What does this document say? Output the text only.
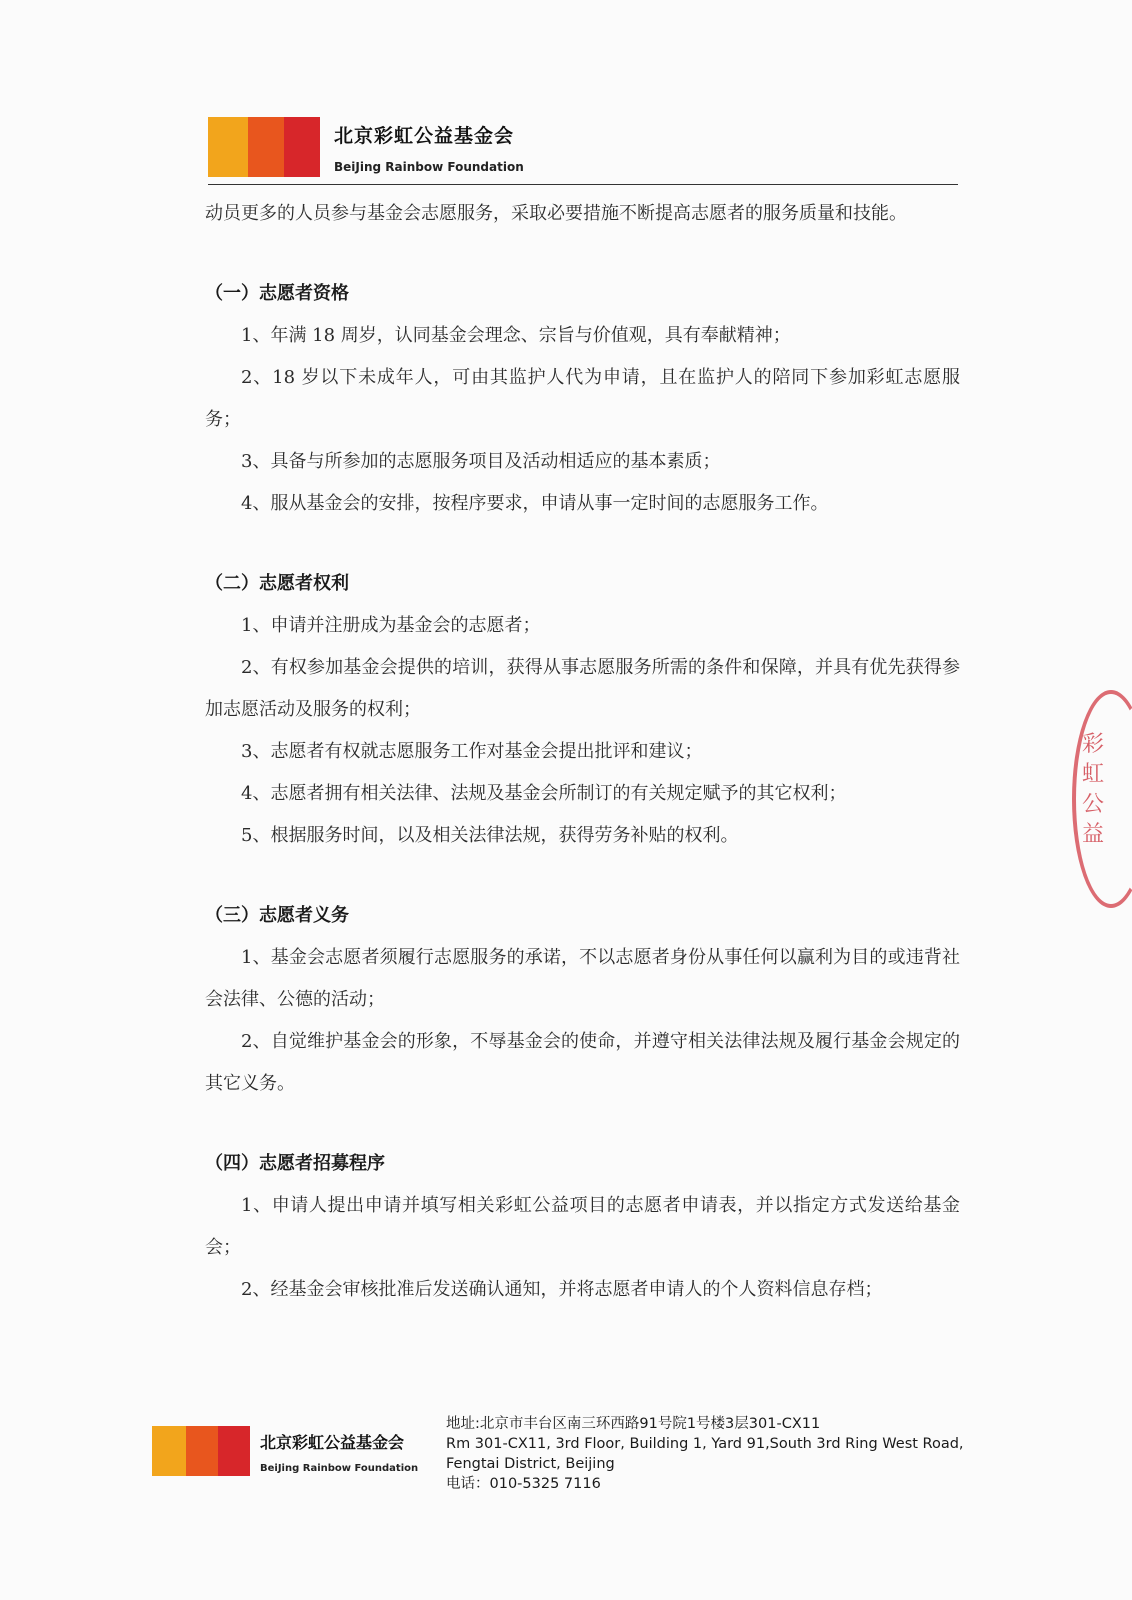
北京彩虹公益基金会
BeiJing Rainbow Foundation

动员更多的人员参与基金会志愿服务，采取必要措施不断提高志愿者的服务质量和技能。

（一）志愿者资格

1、年满 18 周岁，认同基金会理念、宗旨与价值观，具有奉献精神；

2、18 岁以下未成年人，可由其监护人代为申请，且在监护人的陪同下参加彩虹志愿服务；

3、具备与所参加的志愿服务项目及活动相适应的基本素质；

4、服从基金会的安排，按程序要求，申请从事一定时间的志愿服务工作。

（二）志愿者权利

1、申请并注册成为基金会的志愿者；

2、有权参加基金会提供的培训，获得从事志愿服务所需的条件和保障，并具有优先获得参加志愿活动及服务的权利；

3、志愿者有权就志愿服务工作对基金会提出批评和建议；

4、志愿者拥有相关法律、法规及基金会所制订的有关规定赋予的其它权利；

5、根据服务时间，以及相关法律法规，获得劳务补贴的权利。

（三）志愿者义务

1、基金会志愿者须履行志愿服务的承诺，不以志愿者身份从事任何以赢利为目的或违背社会法律、公德的活动；

2、自觉维护基金会的形象，不辱基金会的使命，并遵守相关法律法规及履行基金会规定的其它义务。

（四）志愿者招募程序

1、申请人提出申请并填写相关彩虹公益项目的志愿者申请表，并以指定方式发送给基金会；

2、经基金会审核批准后发送确认通知，并将志愿者申请人的个人资料信息存档；

彩虹公益
北京彩虹公益基金会
BeiJing Rainbow Foundation
地址:北京市丰台区南三环西路91号院1号楼3层301-CX11
Rm 301-CX11, 3rd Floor, Building 1, Yard 91,South 3rd Ring West Road,
Fengtai District, Beijing
电话：010-5325 7116
